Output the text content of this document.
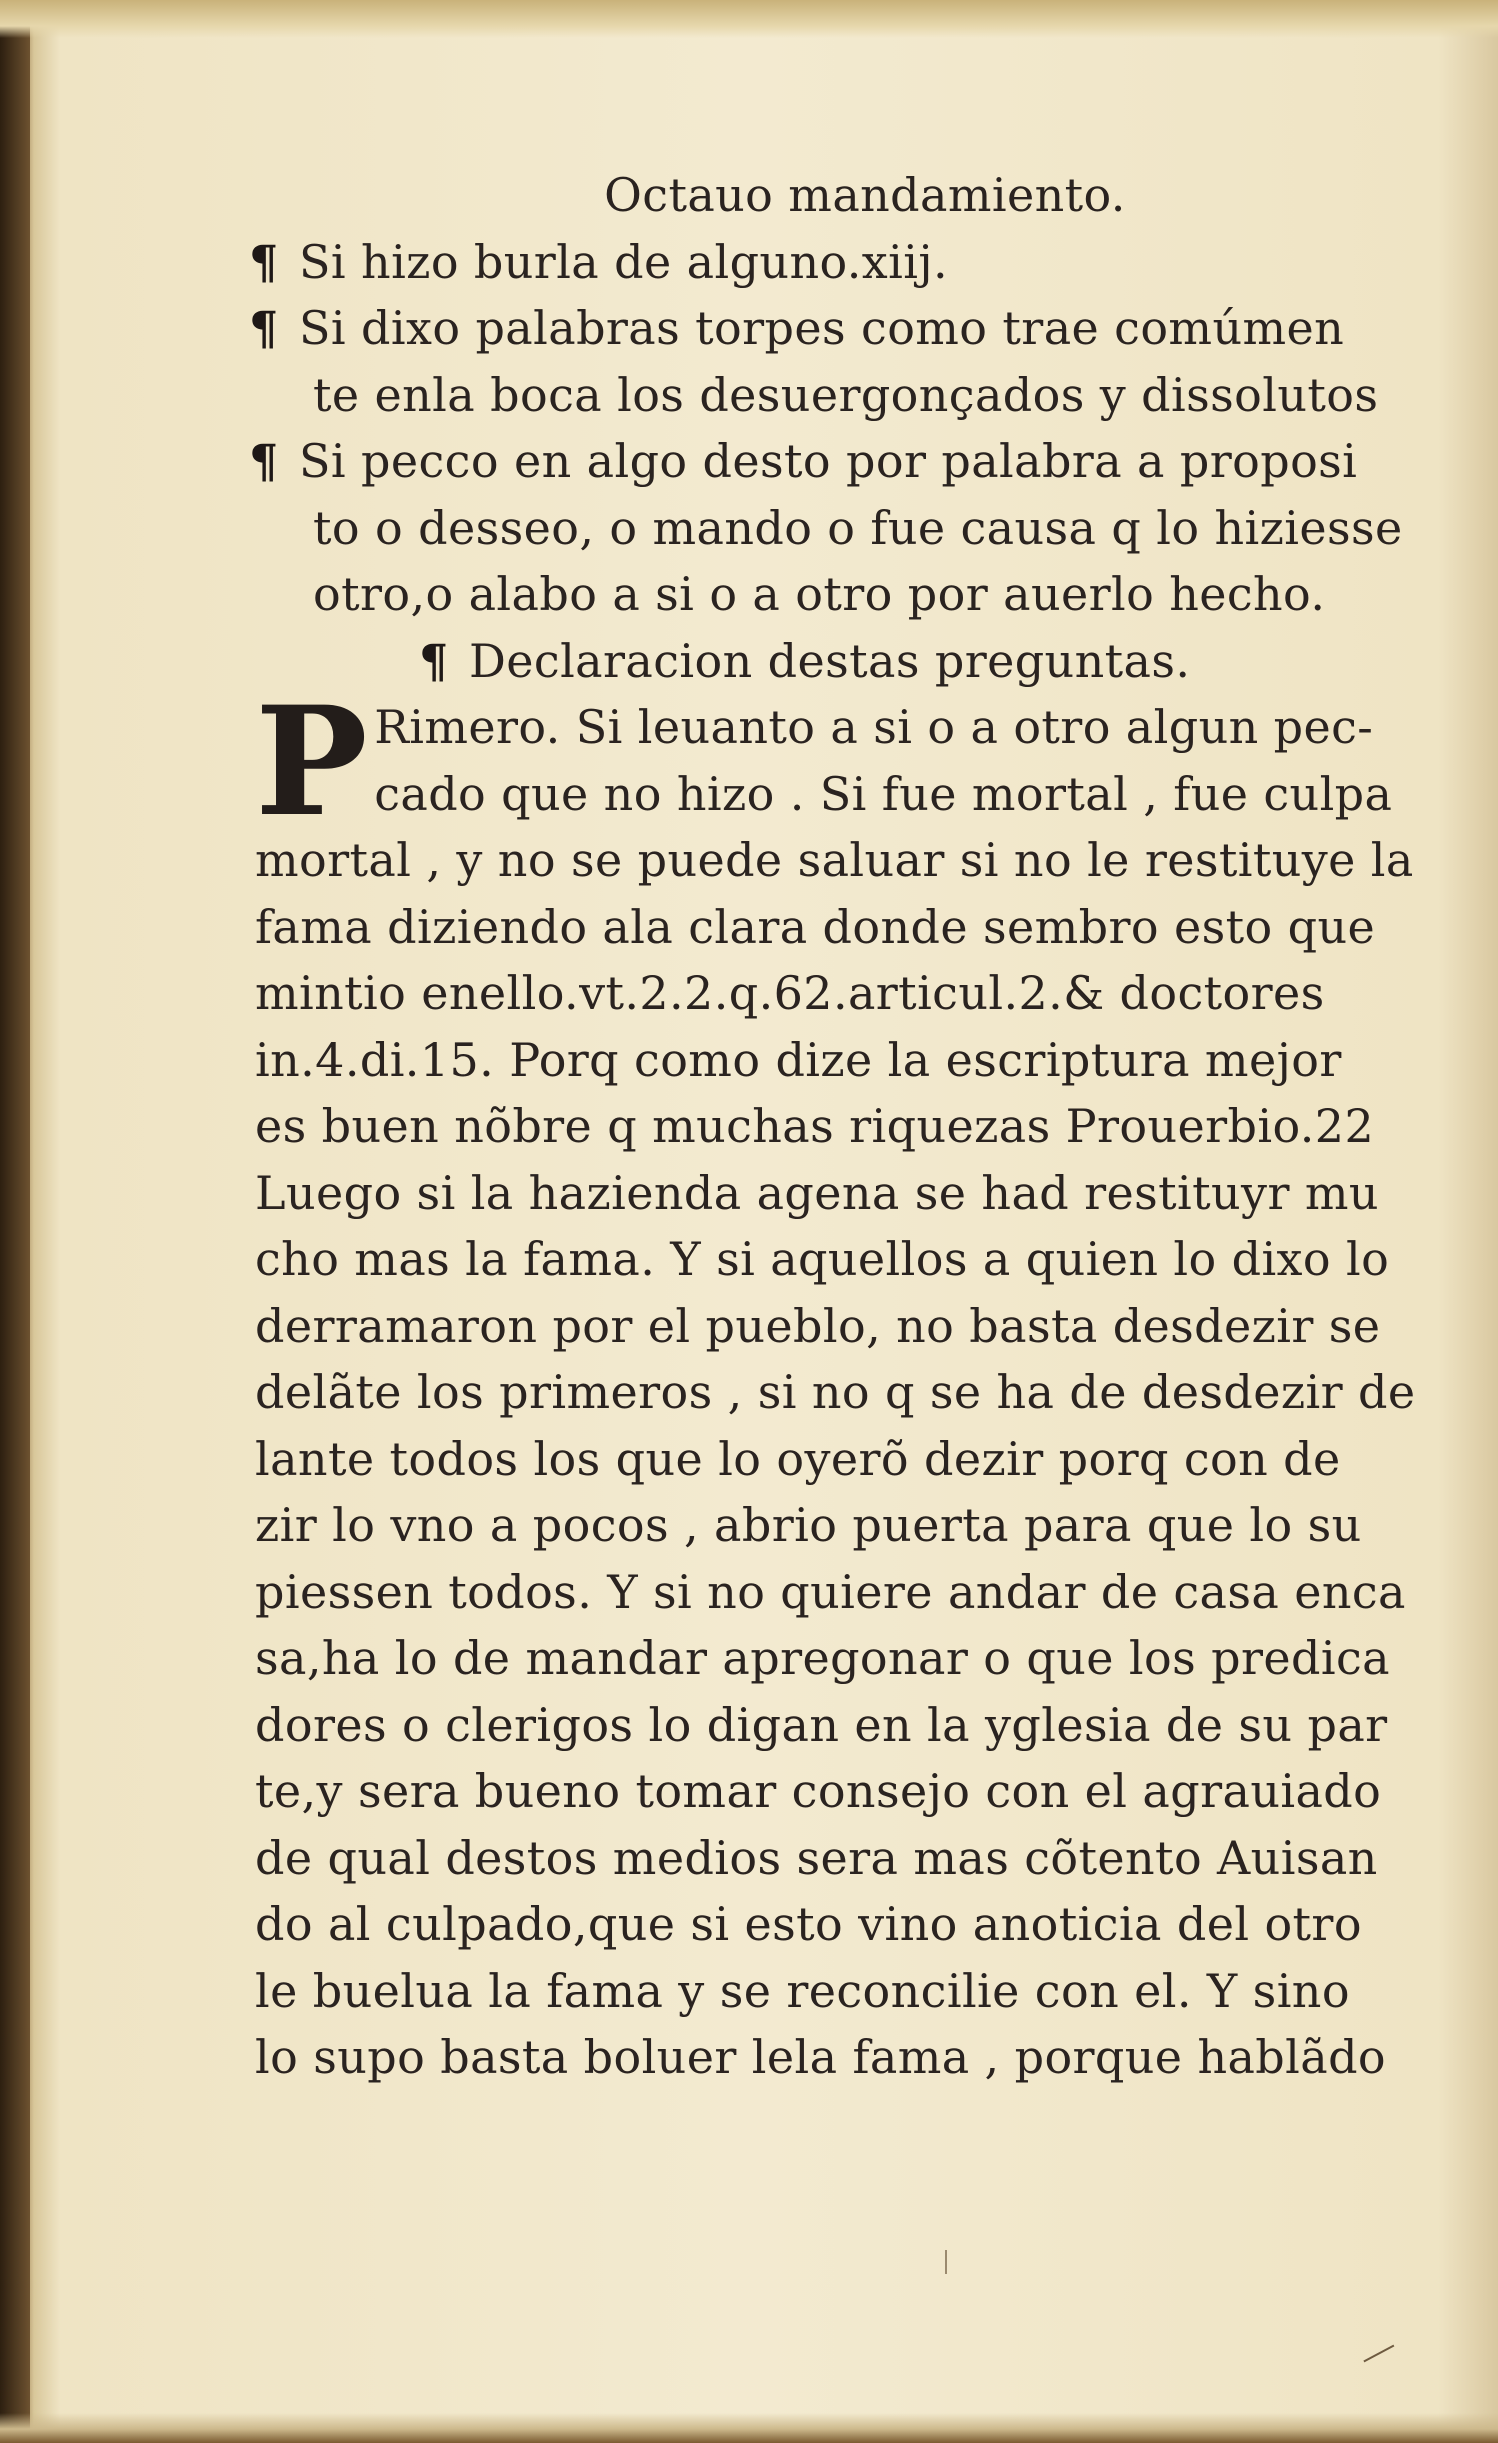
Octauo mandamiento.
¶ Si hizo burla de alguno.xiij.
¶ Si dixo palabras torpes como trae comúmen
te enla boca los desuergonçados y dissolutos
¶ Si pecco en algo desto por palabra a proposi
to o desseo, o mando o fue causa q lo hiziesse
otro,o alabo a si o a otro por auerlo hecho.
¶ Declaracion destas preguntas.
P Rimero. Si leuanto a si o a otro algun pec-
cado que no hizo . Si fue mortal , fue culpa
mortal , y no se puede saluar si no le restituye la
fama diziendo ala clara donde sembro esto que
mintio enello.vt.2.2.q.62.articul.2.& doctores
in.4.di.15. Porq como dize la escriptura mejor
es buen nõbre q muchas riquezas Prouerbio.22
Luego si la hazienda agena se had restituyr mu
cho mas la fama. Y si aquellos a quien lo dixo lo
derramaron por el pueblo, no basta desdezir se
delãte los primeros , si no q se ha de desdezir de
lante todos los que lo oyerõ dezir porq con de
zir lo vno a pocos , abrio puerta para que lo su
piessen todos. Y si no quiere andar de casa enca
sa,ha lo de mandar apregonar o que los predica
dores o clerigos lo digan en la yglesia de su par
te,y sera bueno tomar consejo con el agrauiado
de qual destos medios sera mas cõtento Auisan
do al culpado,que si esto vino anoticia del otro
le buelua la fama y se reconcilie con el. Y sino
lo supo basta boluer lela fama , porque hablãdo
